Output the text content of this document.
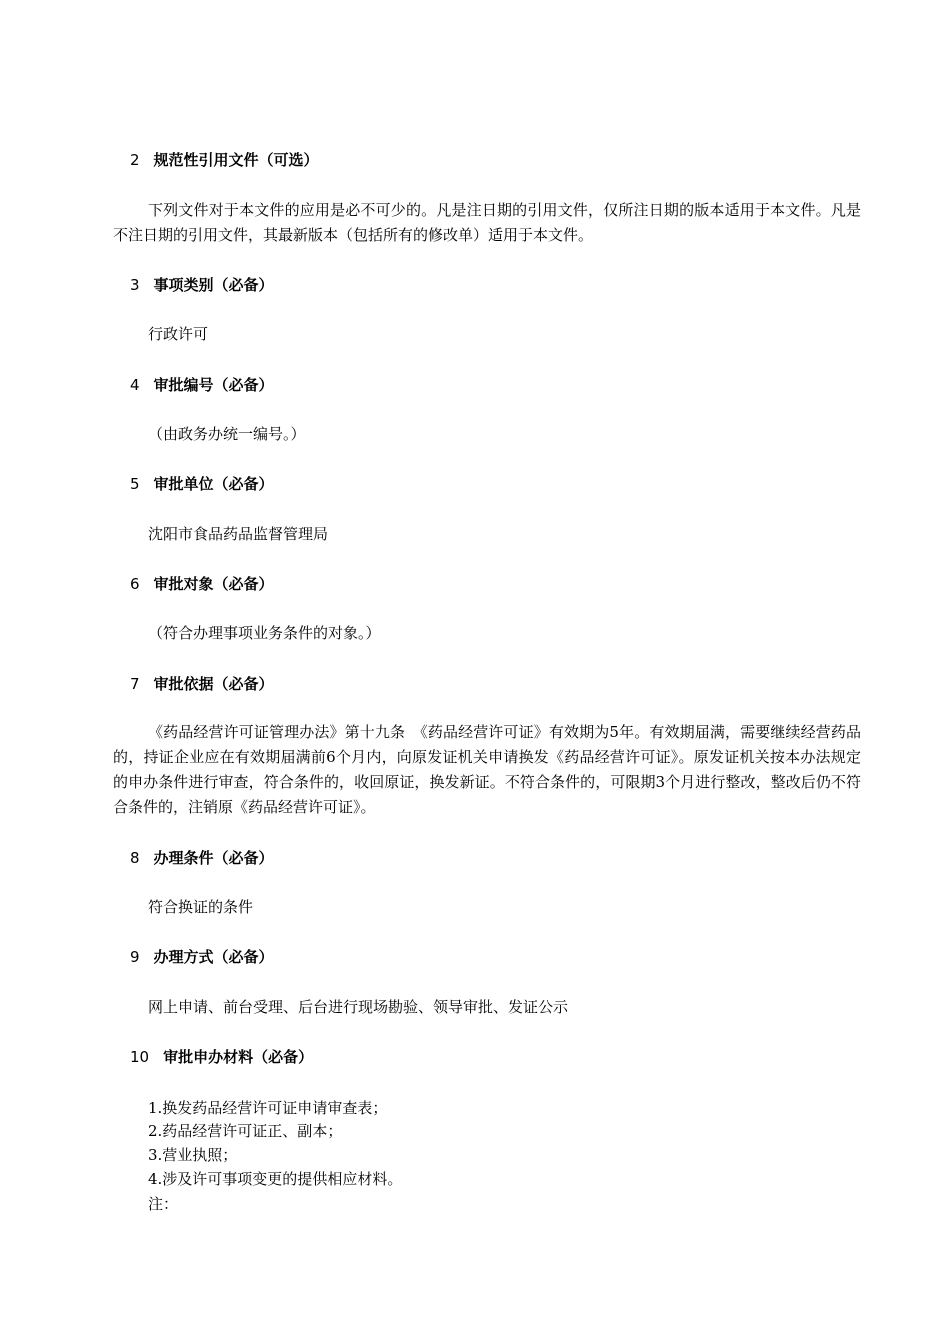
2 规范性引用文件（可选）
下列文件对于本文件的应用是必不可少的。凡是注日期的引用文件，仅所注日期的版本适用于本文件。凡是不注日期的引用文件，其最新版本（包括所有的修改单）适用于本文件。
3 事项类别（必备）
行政许可
4 审批编号（必备）
（由政务办统一编号。）
5 审批单位（必备）
沈阳市食品药品监督管理局
6 审批对象（必备）
（符合办理事项业务条件的对象。）
7 审批依据（必备）
《药品经营许可证管理办法》第十九条　《药品经营许可证》有效期为5年。有效期届满，需要继续经营药品的，持证企业应在有效期届满前6个月内，向原发证机关申请换发《药品经营许可证》。原发证机关按本办法规定的申办条件进行审查，符合条件的，收回原证，换发新证。不符合条件的，可限期3个月进行整改，整改后仍不符合条件的，注销原《药品经营许可证》。
8 办理条件（必备）
符合换证的条件
9 办理方式（必备）
网上申请、前台受理、后台进行现场勘验、领导审批、发证公示
10 审批申办材料（必备）
1.换发药品经营许可证申请审查表；
2.药品经营许可证正、副本；
3.营业执照；
4.涉及许可事项变更的提供相应材料。
注：
